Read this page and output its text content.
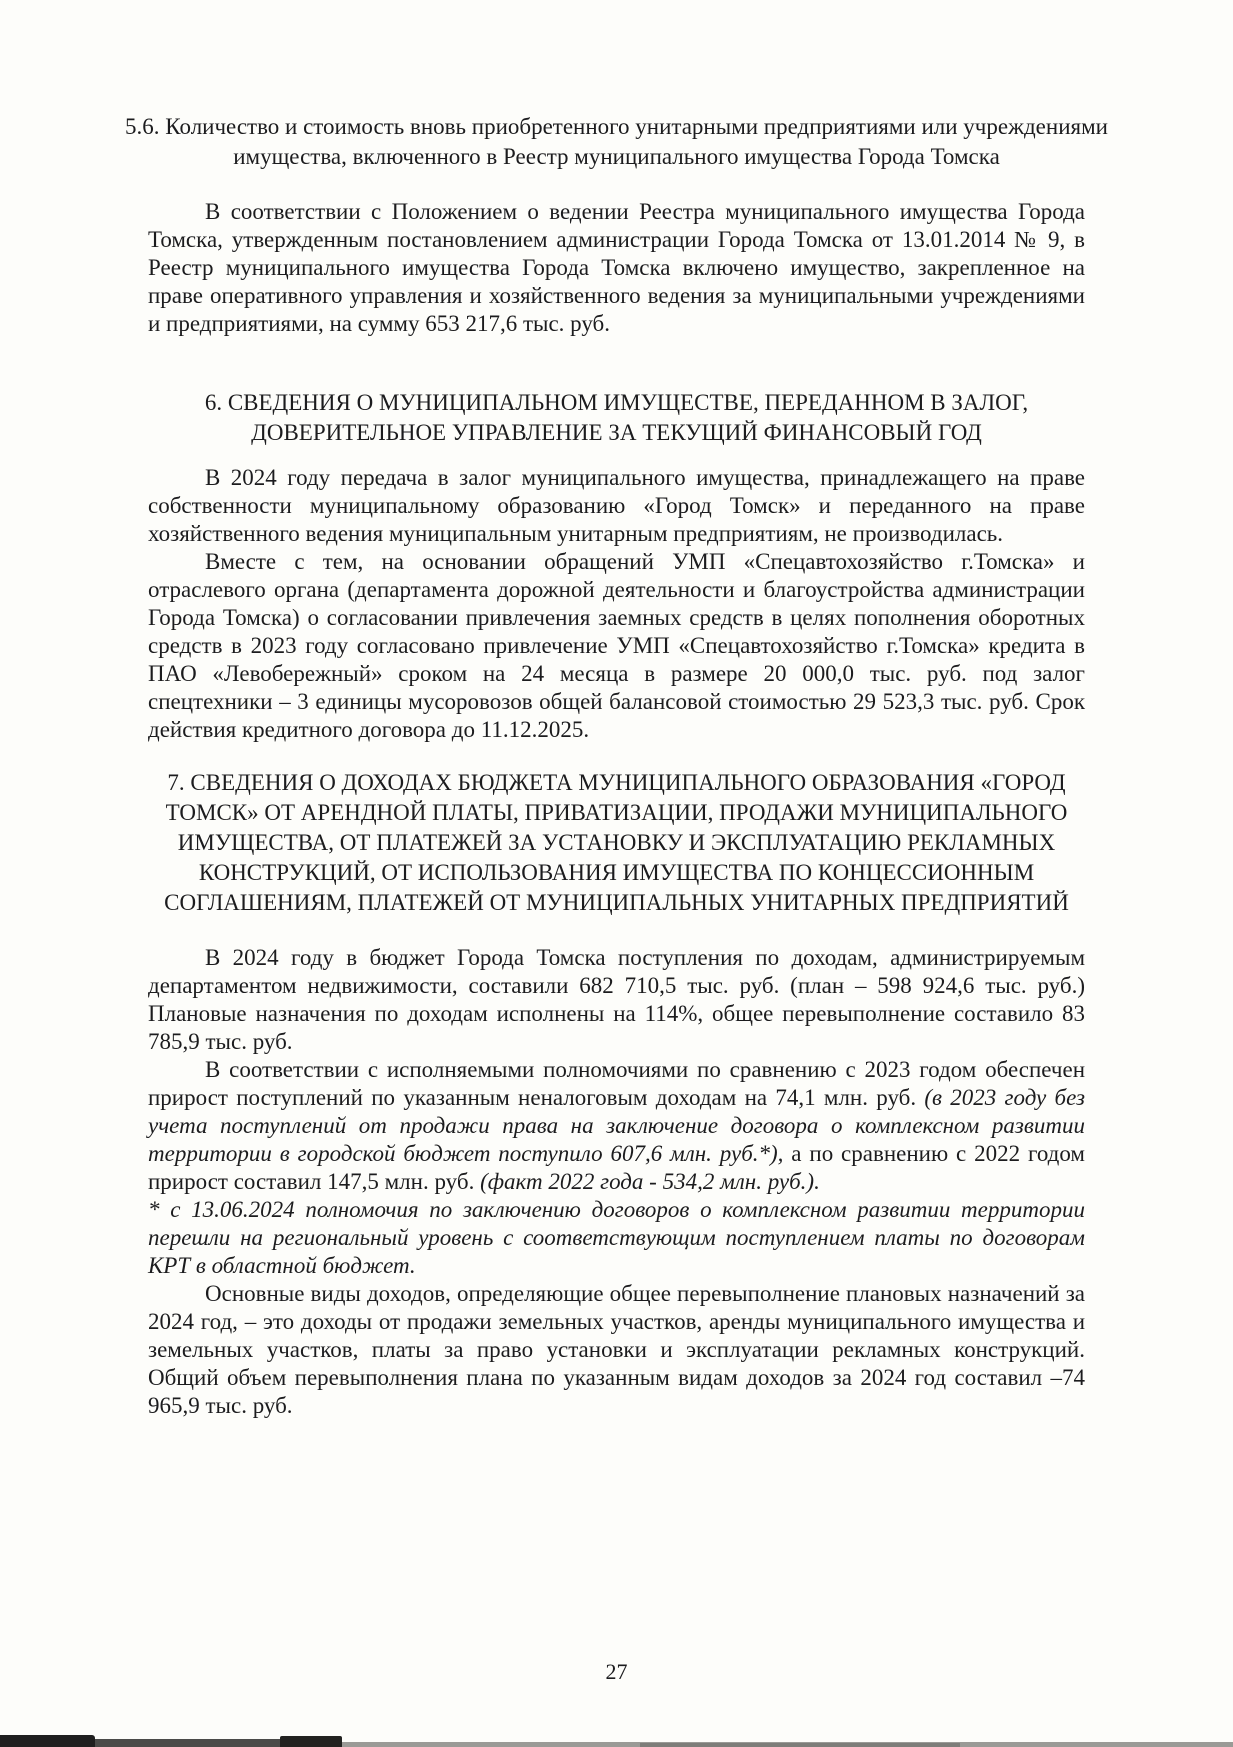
5.6. Количество и стоимость вновь приобретенного унитарными предприятиями или учреждениями имущества, включенного в Реестр муниципального имущества Города Томска

В соответствии с Положением о ведении Реестра муниципального имущества Города Томска, утвержденным постановлением администрации Города Томска от 13.01.2014 № 9, в Реестр муниципального имущества Города Томска включено имущество, закрепленное на праве оперативного управления и хозяйственного ведения за муниципальными учреждениями и предприятиями, на сумму 653 217,6 тыс. руб.

6. СВЕДЕНИЯ О МУНИЦИПАЛЬНОМ ИМУЩЕСТВЕ, ПЕРЕДАННОМ В ЗАЛОГ, ДОВЕРИТЕЛЬНОЕ УПРАВЛЕНИЕ ЗА ТЕКУЩИЙ ФИНАНСОВЫЙ ГОД

В 2024 году передача в залог муниципального имущества, принадлежащего на праве собственности муниципальному образованию «Город Томск» и переданного на праве хозяйственного ведения муниципальным унитарным предприятиям, не производилась.

Вместе с тем, на основании обращений УМП «Спецавтохозяйство г.Томска» и отраслевого органа (департамента дорожной деятельности и благоустройства администрации Города Томска) о согласовании привлечения заемных средств в целях пополнения оборотных средств в 2023 году согласовано привлечение УМП «Спецавтохозяйство г.Томска» кредита в ПАО «Левобережный» сроком на 24 месяца в размере 20 000,0 тыс. руб. под залог спецтехники – 3 единицы мусоровозов общей балансовой стоимостью 29 523,3 тыс. руб. Срок действия кредитного договора до 11.12.2025.

7. СВЕДЕНИЯ О ДОХОДАХ БЮДЖЕТА МУНИЦИПАЛЬНОГО ОБРАЗОВАНИЯ «ГОРОД ТОМСК» ОТ АРЕНДНОЙ ПЛАТЫ, ПРИВАТИЗАЦИИ, ПРОДАЖИ МУНИЦИПАЛЬНОГО ИМУЩЕСТВА, ОТ ПЛАТЕЖЕЙ ЗА УСТАНОВКУ И ЭКСПЛУАТАЦИЮ РЕКЛАМНЫХ КОНСТРУКЦИЙ, ОТ ИСПОЛЬЗОВАНИЯ ИМУЩЕСТВА ПО КОНЦЕССИОННЫМ СОГЛАШЕНИЯМ, ПЛАТЕЖЕЙ ОТ МУНИЦИПАЛЬНЫХ УНИТАРНЫХ ПРЕДПРИЯТИЙ

В 2024 году в бюджет Города Томска поступления по доходам, администрируемым департаментом недвижимости, составили 682 710,5 тыс. руб. (план – 598 924,6 тыс. руб.) Плановые назначения по доходам исполнены на 114%, общее перевыполнение составило 83 785,9 тыс. руб.

В соответствии с исполняемыми полномочиями по сравнению с 2023 годом обеспечен прирост поступлений по указанным неналоговым доходам на 74,1 млн. руб. (в 2023 году без учета поступлений от продажи права на заключение договора о комплексном развитии территории в городской бюджет поступило 607,6 млн. руб.*), а по сравнению с 2022 годом прирост составил 147,5 млн. руб. (факт 2022 года - 534,2 млн. руб.).

* с 13.06.2024 полномочия по заключению договоров о комплексном развитии территории перешли на региональный уровень с соответствующим поступлением платы по договорам КРТ в областной бюджет.

Основные виды доходов, определяющие общее перевыполнение плановых назначений за 2024 год, – это доходы от продажи земельных участков, аренды муниципального имущества и земельных участков, платы за право установки и эксплуатации рекламных конструкций. Общий объем перевыполнения плана по указанным видам доходов за 2024 год составил –74 965,9 тыс. руб.

27
